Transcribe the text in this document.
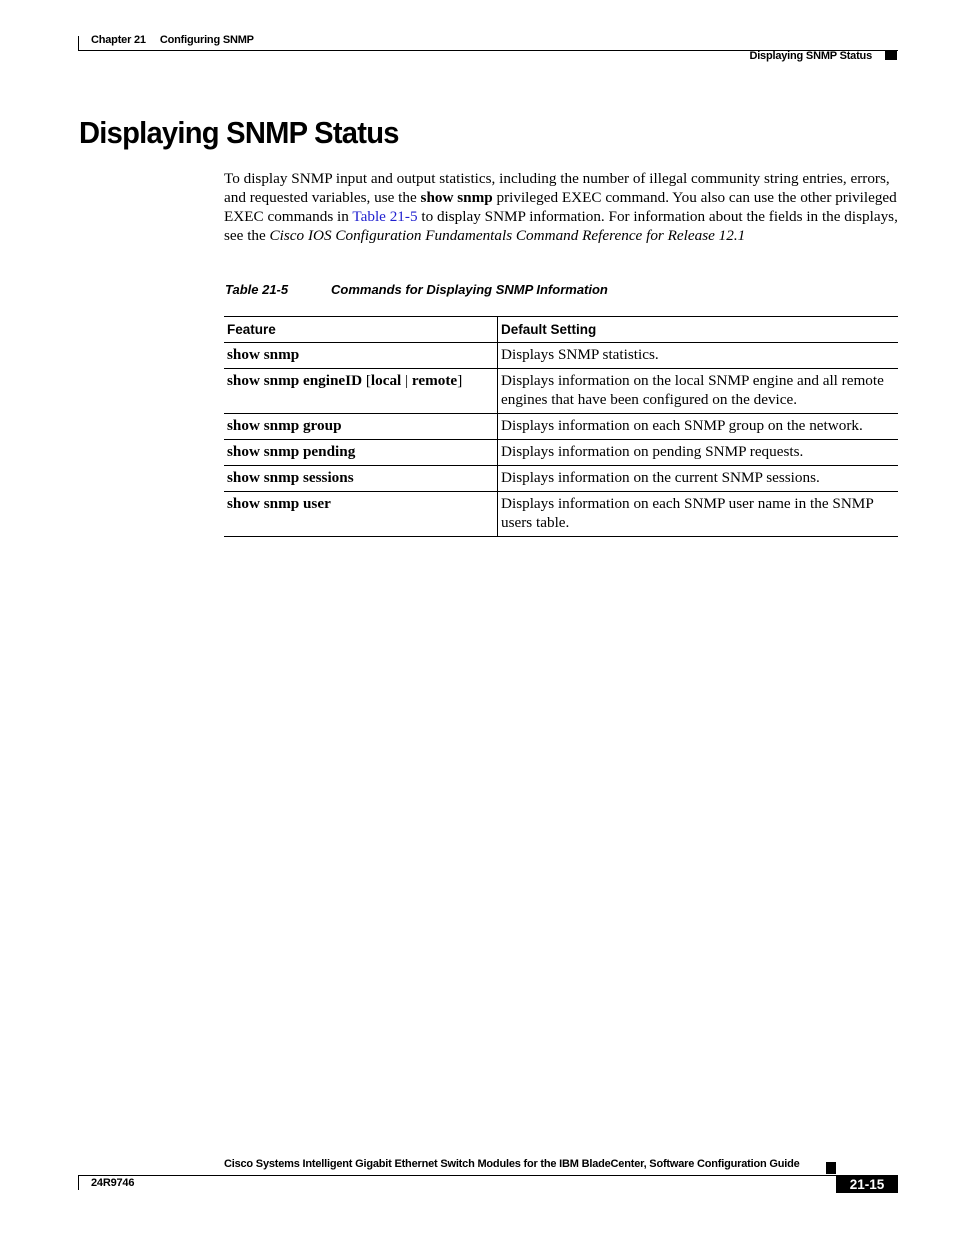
Chapter 21 Configuring SNMP
Displaying SNMP Status
Displaying SNMP Status

To display SNMP input and output statistics, including the number of illegal community string entries, errors, and requested variables, use the show snmp privileged EXEC command. You also can use the other privileged EXEC commands in Table 21-5 to display SNMP information. For information about the fields in the displays, see the Cisco IOS Configuration Fundamentals Command Reference for Release 12.1

Table 21-5	Commands for Displaying SNMP Information
Feature	Default Setting
show snmp	Displays SNMP statistics.
show snmp engineID [local | remote]	Displays information on the local SNMP engine and all remote engines that have been configured on the device.
show snmp group	Displays information on each SNMP group on the network.
show snmp pending	Displays information on pending SNMP requests.
show snmp sessions	Displays information on the current SNMP sessions.
show snmp user	Displays information on each SNMP user name in the SNMP users table.
Cisco Systems Intelligent Gigabit Ethernet Switch Modules for the IBM BladeCenter, Software Configuration Guide
24R9746	21-15
